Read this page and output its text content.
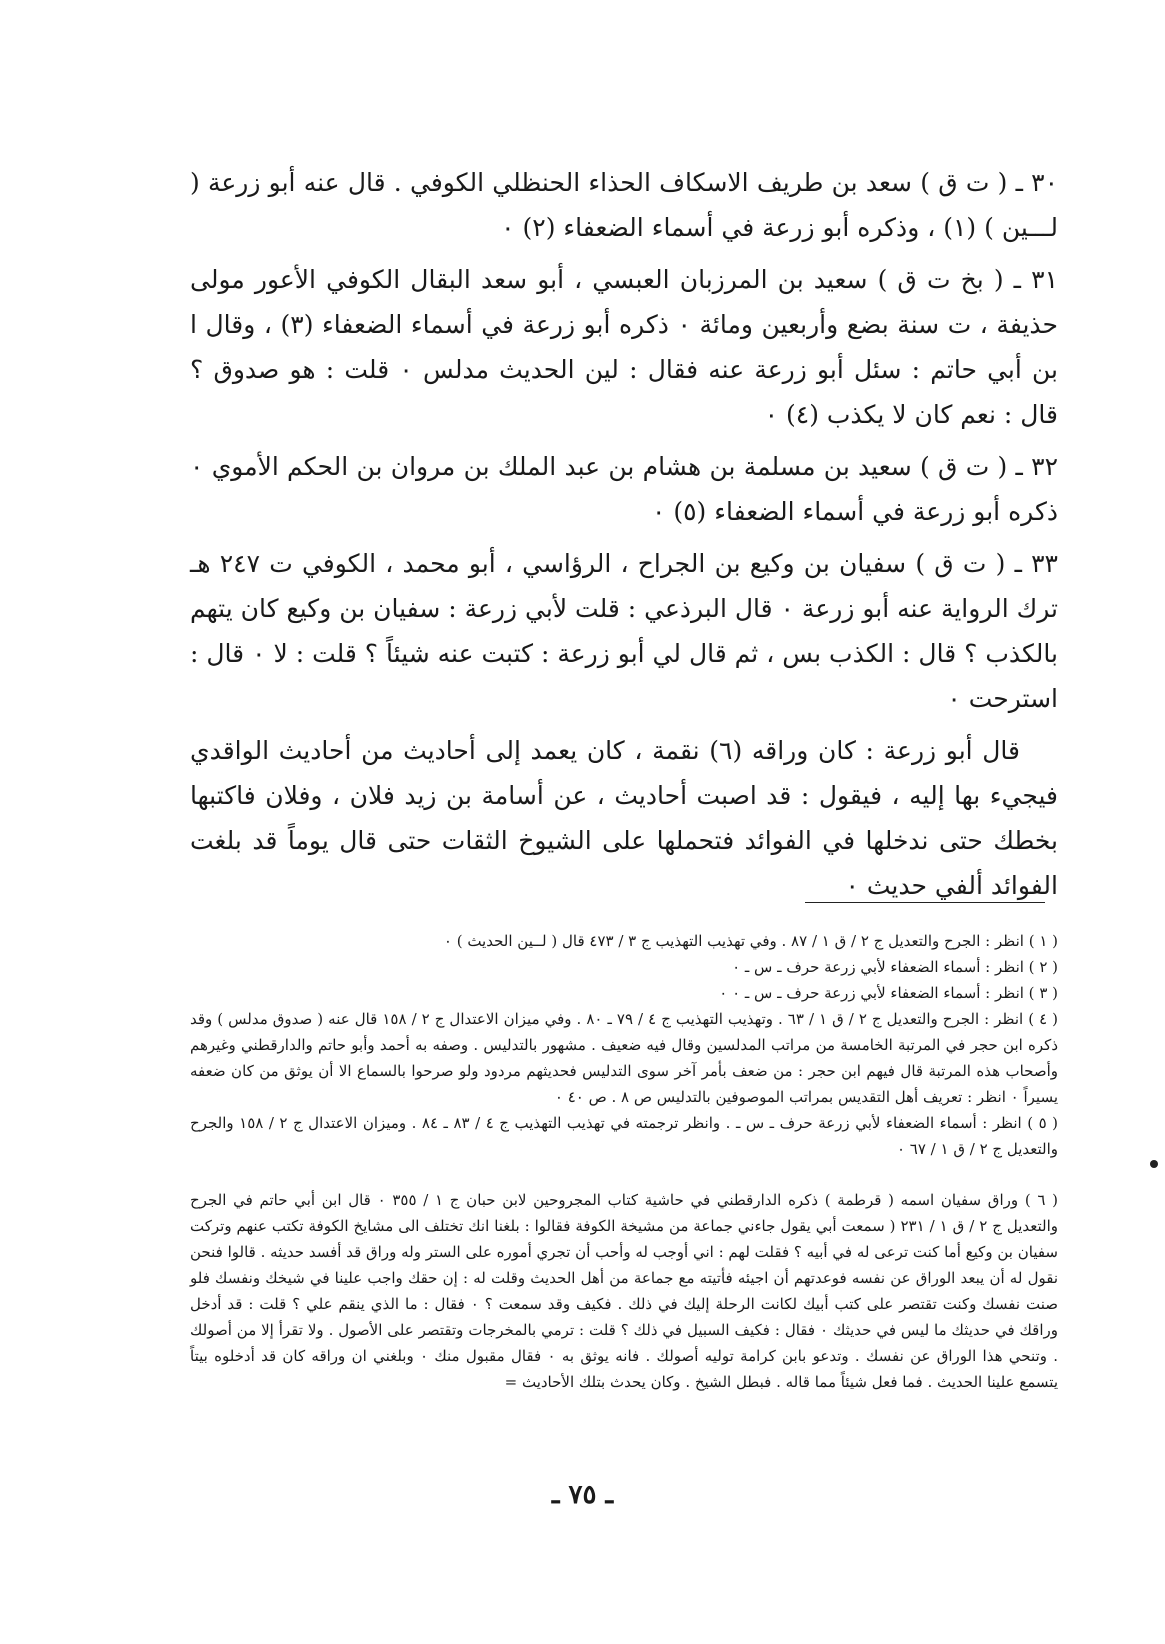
٣٠ ـ ( ت ق ) سعد بن طريف الاسكاف الحذاء الحنظلي الكوفي . قال عنه أبو زرعة ( لـــين ) (١) ، وذكره أبو زرعة في أسماء الضعفاء (٢) ٠

٣١ ـ ( بخ ت ق ) سعيد بن المرزبان العبسي ، أبو سعد البقال الكوفي الأعور مولى حذيفة ، ت سنة بضع وأربعين ومائة ٠ ذكره أبو زرعة في أسماء الضعفاء (٣) ، وقال ا بن أبي حاتم : سئل أبو زرعة عنه فقال : لين الحديث مدلس ٠ قلت : هو صدوق ؟ قال : نعم كان لا يكذب (٤) ٠

٣٢ ـ ( ت ق ) سعيد بن مسلمة بن هشام بن عبد الملك بن مروان بن الحكم الأموي ٠ ذكره أبو زرعة في أسماء الضعفاء (٥) ٠

٣٣ ـ ( ت ق ) سفيان بن وكيع بن الجراح ، الرؤاسي ، أبو محمد ، الكوفي ت ٢٤٧ هـ ترك الرواية عنه أبو زرعة ٠ قال البرذعي : قلت لأبي زرعة : سفيان بن وكيع كان يتهم بالكذب ؟ قال : الكذب بس ، ثم قال لي أبو زرعة : كتبت عنه شيئاً ؟ قلت : لا ٠ قال : استرحت ٠

قال أبو زرعة : كان وراقه (٦) نقمة ، كان يعمد إلى أحاديث من أحاديث الواقدي فيجيء بها إليه ، فيقول : قد اصبت أحاديث ، عن أسامة بن زيد فلان ، وفلان فاكتبها بخطك حتى ندخلها في الفوائد فتحملها على الشيوخ الثقات حتى قال يوماً قد بلغت الفوائد ألفي حديث ٠

( ١ ) انظر : الجرح والتعديل ج ٢ / ق ١ / ٨٧ . وفي تهذيب التهذيب ج ٣ / ٤٧٣ قال ( لــين الحديث ) ٠

( ٢ ) انظر : أسماء الضعفاء لأبي زرعة حرف ـ س ـ ٠

( ٣ ) انظر : أسماء الضعفاء لأبي زرعة حرف ـ س ـ ٠ ٠

( ٤ ) انظر : الجرح والتعديل ج ٢ / ق ١ / ٦٣ . وتهذيب التهذيب ج ٤ / ٧٩ ـ ٨٠ . وفي ميزان الاعتدال ج ٢ / ١٥٨ قال عنه ( صدوق مدلس ) وقد ذكره ابن حجر في المرتبة الخامسة من مراتب المدلسين وقال فيه ضعيف . مشهور بالتدليس . وصفه به أحمد وأبو حاتم والدارقطني وغيرهم وأصحاب هذه المرتبة قال فيهم ابن حجر : من ضعف بأمر آخر سوى التدليس فحديثهم مردود ولو صرحوا بالسماع الا أن يوثق من كان ضعفه يسيراً ٠ انظر : تعريف أهل التقديس بمراتب الموصوفين بالتدليس ص ٨ . ص ٤٠ ٠

( ٥ ) انظر : أسماء الضعفاء لأبي زرعة حرف ـ س ـ . وانظر ترجمته في تهذيب التهذيب ج ٤ / ٨٣ ـ ٨٤ . وميزان الاعتدال ج ٢ / ١٥٨ والجرح والتعديل ج ٢ / ق ١ / ٦٧ ٠

( ٦ ) وراق سفيان اسمه ( قرطمة ) ذكره الدارقطني في حاشية كتاب المجروحين لابن حبان ج ١ / ٣٥٥ ٠ قال ابن أبي حاتم في الجرح والتعديل ج ٢ / ق ١ / ٢٣١ ( سمعت أبي يقول جاءني جماعة من مشيخة الكوفة فقالوا : بلغنا انك تختلف الى مشايخ الكوفة تكتب عنهم وتركت سفيان بن وكيع أما كنت ترعى له في أبيه ؟ فقلت لهم : اني أوجب له وأحب أن تجري أموره على الستر وله وراق قد أفسد حديثه . قالوا فنحن نقول له أن يبعد الوراق عن نفسه فوعدتهم أن اجيئه فأتيته مع جماعة من أهل الحديث وقلت له : إن حقك واجب علينا في شيخك ونفسك فلو صنت نفسك وكنت تقتصر على كتب أبيك لكانت الرحلة إليك في ذلك . فكيف وقد سمعت ؟ ٠ فقال : ما الذي ينقم علي ؟ قلت : قد أدخل وراقك في حديثك ما ليس في حديثك ٠ فقال : فكيف السبيل في ذلك ؟ قلت : ترمي بالمخرجات وتقتصر على الأصول . ولا تقرأ إلا من أصولك . وتنحي هذا الوراق عن نفسك . وتدعو بابن كرامة توليه أصولك . فانه يوثق به ٠ فقال مقبول منك ٠ وبلغني ان وراقه كان قد أدخلوه بيتاً يتسمع علينا الحديث . فما فعل شيئاً مما قاله . فبطل الشيخ . وكان يحدث بتلك الأحاديث =

ـ ٧٥ ـ
